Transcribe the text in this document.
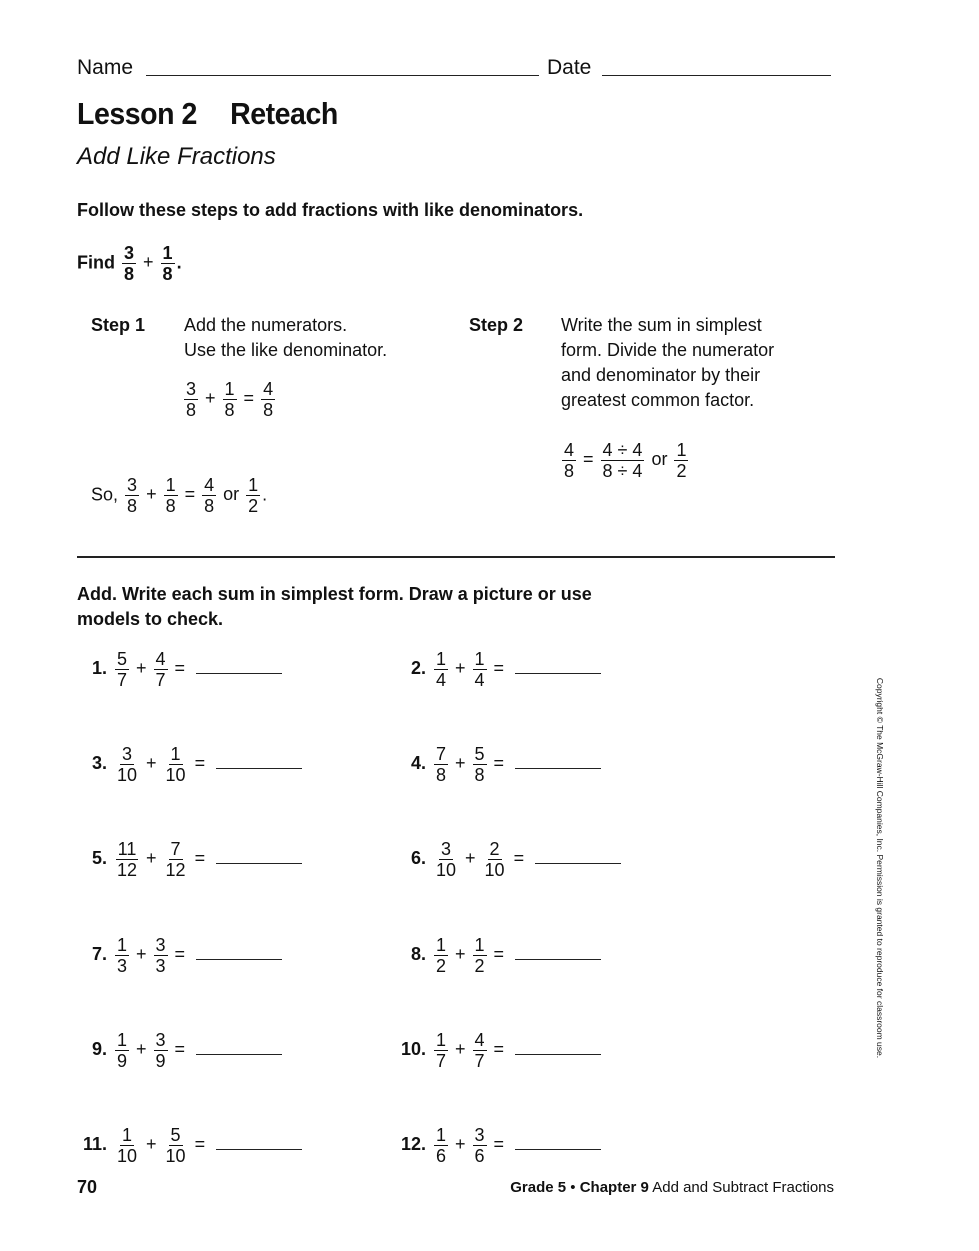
Name	Date
Lesson 2 Reteach
Add Like Fractions
Follow these steps to add fractions with like denominators.
Find $\frac{3}{8} + \frac{1}{8}$ .
Step 1 Add the numerators.
Use the like denominator.
$\frac{3}{8} + \frac{1}{8} = \frac{4}{8}$
Step 2 Write the sum in simplest
form. Divide the numerator
and denominator by their
greatest common factor.
$\frac{4}{8} = \frac{4 \div 4}{8 \div 4}$ or $\frac{1}{2}$
So, $\frac{3}{8} + \frac{1}{8} = \frac{4}{8}$ or $\frac{1}{2}$ .
Add. Write each sum in simplest form. Draw a picture or use
models to check.
1. $\frac{5}{7} + \frac{4}{7}$ =	2. $\frac{1}{4} + \frac{1}{4}$ =
3. $\frac{3}{10} + \frac{1}{10}$ =	4. $\frac{7}{8} + \frac{5}{8}$ =
5. $\frac{11}{12} + \frac{7}{12}$ =	6. $\frac{3}{10} + \frac{2}{10}$ =
7. $\frac{1}{3} + \frac{3}{3}$ =	8. $\frac{1}{2} + \frac{1}{2}$ =
9. $\frac{1}{9} + \frac{3}{9}$ =	10. $\frac{1}{7} + \frac{4}{7}$ =
11. $\frac{1}{10} + \frac{5}{10}$ =	12. $\frac{1}{6} + \frac{3}{6}$ =
Copyright © The McGraw-Hill Companies, Inc. Permission is granted to reproduce for classroom use.
70	Grade 5 • Chapter 9 Add and Subtract Fractions
